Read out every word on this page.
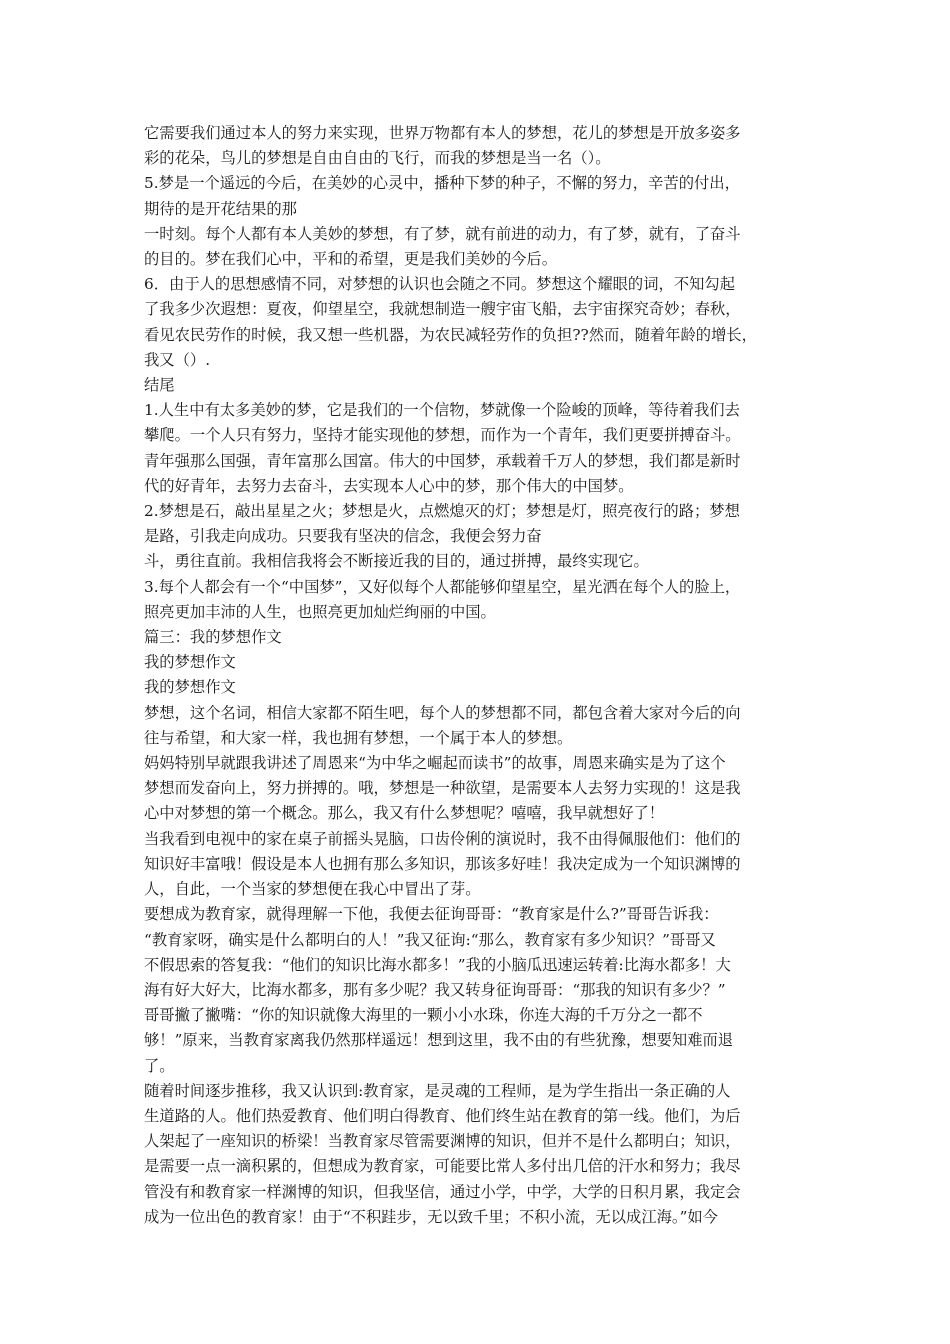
它需要我们通过本人的努力来实现，世界万物都有本人的梦想，花儿的梦想是开放多姿多

彩的花朵，鸟儿的梦想是自由自由的飞行，而我的梦想是当一名（）。

5.梦是一个遥远的今后，在美妙的心灵中，播种下梦的种子，不懈的努力，辛苦的付出，

期待的是开花结果的那

一时刻。每个人都有本人美妙的梦想，有了梦，就有前进的动力，有了梦，就有，了奋斗

的目的。梦在我们心中，平和的希望，更是我们美妙的今后。

6．由于人的思想感情不同，对梦想的认识也会随之不同。梦想这个耀眼的词，不知勾起

了我多少次遐想：夏夜，仰望星空，我就想制造一艘宇宙飞船，去宇宙探究奇妙；春秋，

看见农民劳作的时候，我又想一些机器，为农民减轻劳作的负担??然而，随着年龄的增长，

我又（）.

结尾

1.人生中有太多美妙的梦，它是我们的一个信物，梦就像一个险峻的顶峰，等待着我们去

攀爬。一个人只有努力，坚持才能实现他的梦想，而作为一个青年，我们更要拼搏奋斗。

青年强那么国强，青年富那么国富。伟大的中国梦，承载着千万人的梦想，我们都是新时

代的好青年，去努力去奋斗，去实现本人心中的梦，那个伟大的中国梦。

2.梦想是石，敲出星星之火；梦想是火，点燃熄灭的灯；梦想是灯，照亮夜行的路；梦想

是路，引我走向成功。只要我有坚决的信念，我便会努力奋

斗，勇往直前。我相信我将会不断接近我的目的，通过拼搏，最终实现它。

3.每个人都会有一个“中国梦”，又好似每个人都能够仰望星空，星光洒在每个人的脸上，

照亮更加丰沛的人生，也照亮更加灿烂绚丽的中国。

篇三：我的梦想作文

我的梦想作文

我的梦想作文

梦想，这个名词，相信大家都不陌生吧，每个人的梦想都不同，都包含着大家对今后的向

往与希望，和大家一样，我也拥有梦想，一个属于本人的梦想。

妈妈特别早就跟我讲述了周恩来“为中华之崛起而读书”的故事，周恩来确实是为了这个

梦想而发奋向上，努力拼搏的。哦，梦想是一种欲望，是需要本人去努力实现的！这是我

心中对梦想的第一个概念。那么，我又有什么梦想呢？嘻嘻，我早就想好了！

当我看到电视中的家在桌子前摇头晃脑，口齿伶俐的演说时，我不由得佩服他们：他们的

知识好丰富哦！假设是本人也拥有那么多知识，那该多好哇！我决定成为一个知识渊博的

人，自此，一个当家的梦想便在我心中冒出了芽。

要想成为教育家，就得理解一下他，我便去征询哥哥：“教育家是什么?”哥哥告诉我：

“教育家呀，确实是什么都明白的人！”我又征询:“那么，教育家有多少知识？”哥哥又

不假思索的答复我：“他们的知识比海水都多！”我的小脑瓜迅速运转着:比海水都多！大

海有好大好大，比海水都多，那有多少呢？我又转身征询哥哥：“那我的知识有多少？”

哥哥撇了撇嘴：“你的知识就像大海里的一颗小小水珠，你连大海的千万分之一都不

够！”原来，当教育家离我仍然那样遥远！想到这里，我不由的有些犹豫，想要知难而退

了。

随着时间逐步推移，我又认识到:教育家，是灵魂的工程师，是为学生指出一条正确的人

生道路的人。他们热爱教育、他们明白得教育、他们终生站在教育的第一线。他们，为后

人架起了一座知识的桥梁！当教育家尽管需要渊博的知识，但并不是什么都明白；知识，

是需要一点一滴积累的，但想成为教育家，可能要比常人多付出几倍的汗水和努力；我尽

管没有和教育家一样渊博的知识，但我坚信，通过小学，中学，大学的日积月累，我定会

成为一位出色的教育家！由于“不积跬步，无以致千里；不积小流，无以成江海。”如今
